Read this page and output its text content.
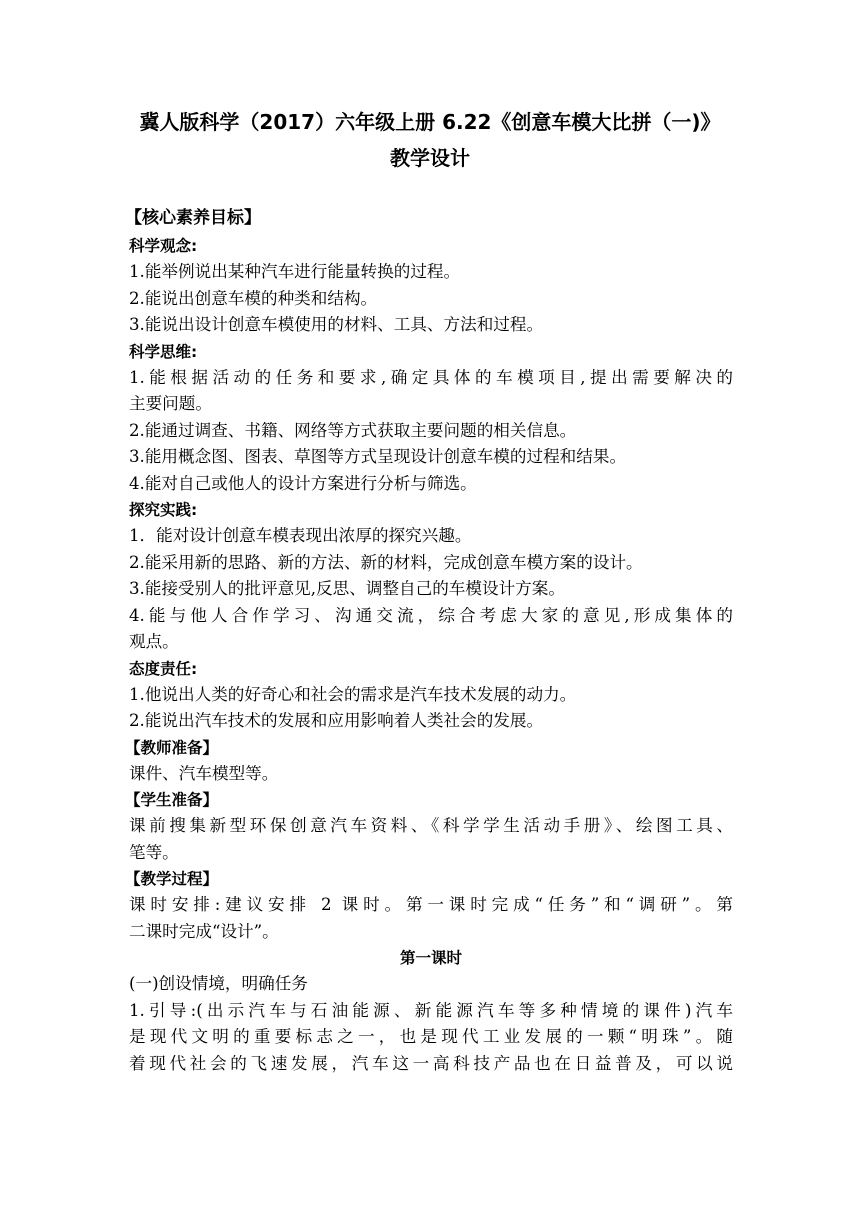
冀人版科学（2017）六年级上册 6.22《创意车模大比拼（一)》
教学设计
【核心素养目标】
科学观念:
1.能举例说出某种汽车进行能量转换的过程。
2.能说出创意车模的种类和结构。
3.能说出设计创意车模使用的材料、工具、方法和过程。
科学思维:
1.能根据活动的任务和要求,确定具体的车模项目,提出需要解决的
主要问题。
2.能通过调查、书籍、网络等方式获取主要问题的相关信息。
3.能用概念图、图表、草图等方式呈现设计创意车模的过程和结果。
4.能对自己或他人的设计方案进行分析与筛选。
探究实践:
1．能对设计创意车模表现出浓厚的探究兴趣。
2.能采用新的思路、新的方法、新的材料，完成创意车模方案的设计。
3.能接受别人的批评意见,反思、调整自己的车模设计方案。
4.能与他人合作学习、沟通交流，综合考虑大家的意见,形成集体的
观点。
态度责任:
1.他说出人类的好奇心和社会的需求是汽车技术发展的动力。
2.能说出汽车技术的发展和应用影响着人类社会的发展。
【教师准备】
课件、汽车模型等。
【学生准备】
课前搜集新型环保创意汽车资料、《科学学生活动手册》、绘图工具、
笔等。
【教学过程】
课时安排:建议安排 2 课时。第一课时完成“任务”和“调研”。第
二课时完成“设计”。
第一课时
(一)创设情境，明确任务
1.引导:(出示汽车与石油能源、新能源汽车等多种情境的课件)汽车
是现代文明的重要标志之一，也是现代工业发展的一颗“明珠”。随
着现代社会的飞速发展，汽车这一高科技产品也在日益普及，可以说
